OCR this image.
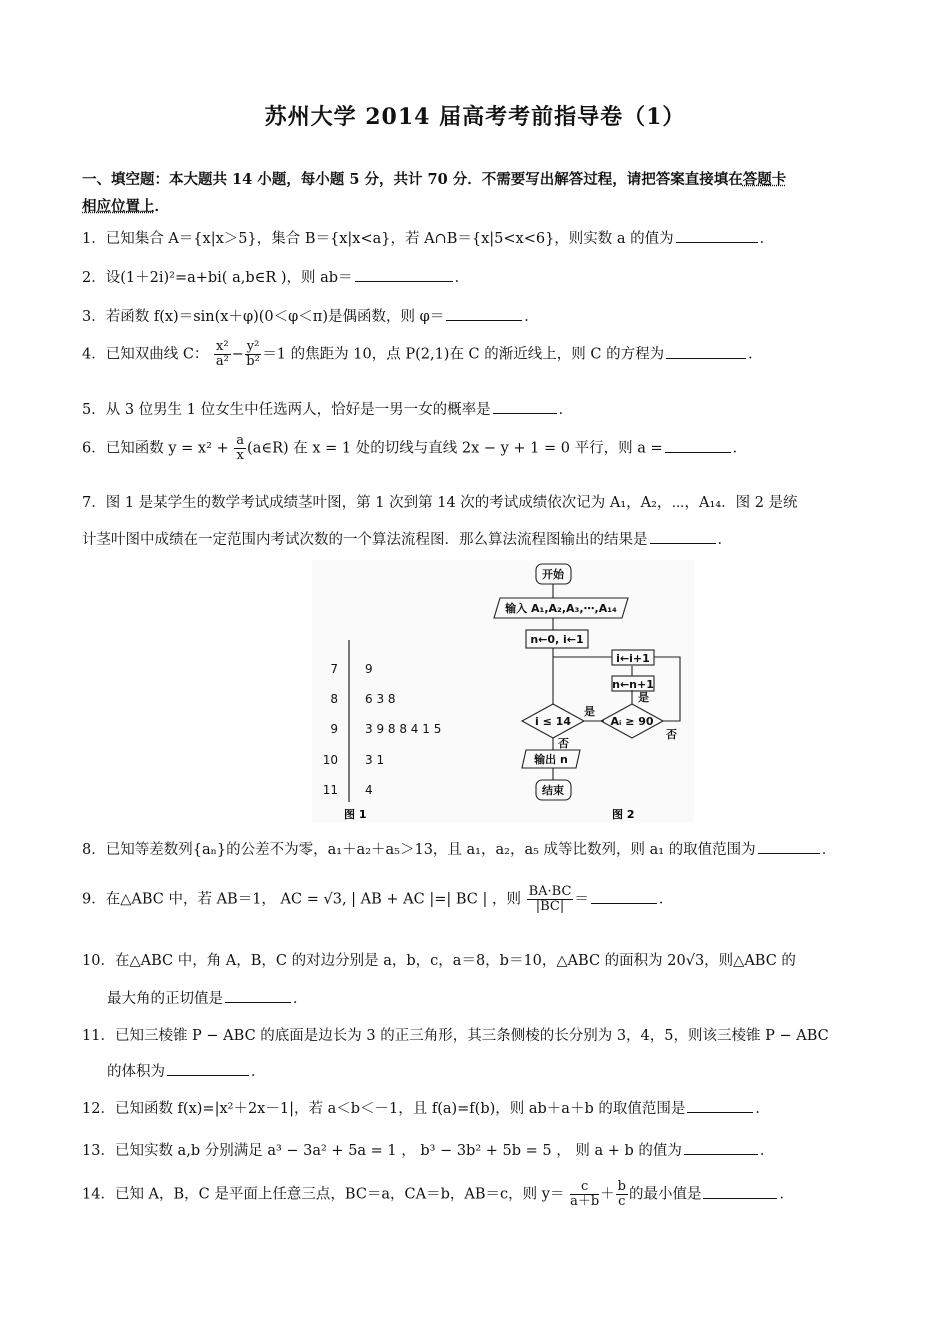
苏州大学 2014 届高考考前指导卷（1）
一、填空题：本大题共 14 小题，每小题 5 分，共计 70 分．不需要写出解答过程，请把答案直接填在答题卡
相应位置上．
1．已知集合 A＝{x|x＞5}，集合 B＝{x|x<a}，若 A∩B＝{x|5<x<6}，则实数 a 的值为	．
2．设(1＋2i)²=a+bi( a,b∈R )，则 ab＝	．
3．若函数 f(x)＝sin(x＋φ)(0＜φ＜π)是偶函数，则 φ＝	．
4．已知双曲线 C： $\frac{\text{x²}}{\text{a²}} - \frac{\text{y²}}{\text{b²}} =1$ 的焦距为 10，点 P(2,1)在 C 的渐近线上，则 C 的方程为	．
5．从 3 位男生 1 位女生中任选两人，恰好是一男一女的概率是	．
6．已知函数 $y = x^2 + \frac{a}{x}$ (a∈R) 在 x = 1 处的切线与直线 2x − y + 1 = 0 平行，则 a =	．
7．图 1 是某学生的数学考试成绩茎叶图，第 1 次到第 14 次的考试成绩依次记为 A₁，A₂，⋯，A₁₄．图 2 是统
计茎叶图中成绩在一定范围内考试次数的一个算法流程图．那么算法流程图输出的结果是	．
7 9
8 6 3 8
9 3 9 8 8 4 1 5
10 3 1
11 4
图 1	图 2
开始
输入 A₁,A₂,A₃,⋯,A₁₄
n←0, i←1
i←i+1
n←n+1
i ≤ 14	Aᵢ ≥ 90
是
是
否
否
输出 n
结束
8．已知等差数列{aₙ}的公差不为零，a₁＋a₂＋a₅＞13，且 a₁，a₂，a₅ 成等比数列，则 a₁ 的取值范围为	．
9．在△ABC 中，若 AB＝1， AC = √3, | AB + AC |=| BC | ，则 $\frac{BA\cdot BC}{|BC|}$ ＝	．
10．在△ABC 中，角 A，B，C 的对边分别是 a，b，c，a＝8，b＝10，△ABC 的面积为 20√3，则△ABC 的
最大角的正切值是	．
11．已知三棱锥 P − ABC 的底面是边长为 3 的正三角形，其三条侧棱的长分别为 3，4，5，则该三棱锥 P − ABC
的体积为	．
12．已知函数 f(x)=|x²＋2x－1|，若 a＜b＜－1，且 f(a)=f(b)，则 ab＋a＋b 的取值范围是	．
13．已知实数 a,b 分别满足 a³ − 3a² + 5a = 1 ， b³ − 3b² + 5b = 5 ， 则 a + b 的值为	．
14．已知 A，B，C 是平面上任意三点，BC＝a，CA＝b，AB＝c，则 $y= \frac{c}{a+b} + \frac{b}{c}$ 的最小值是	．
